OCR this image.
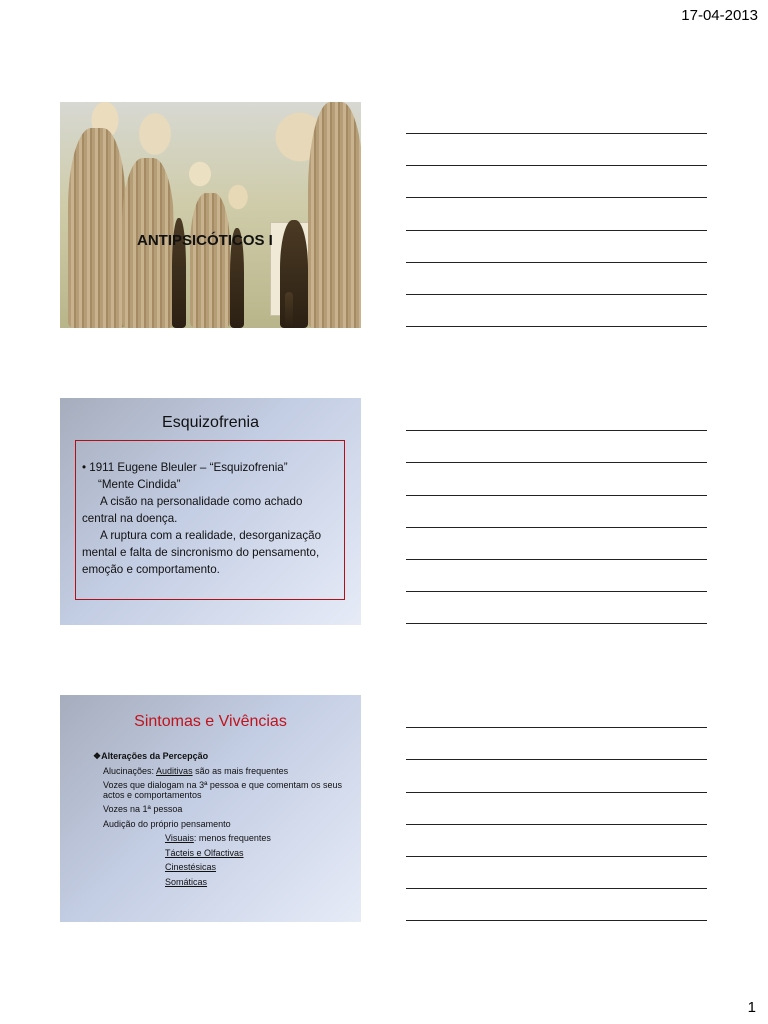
17-04-2013
ANTIPSICÓTICOS I
Esquizofrenia

• 1911 Eugene Bleuler – “Esquizofrenia”

“Mente Cindida”

A cisão na personalidade como achado central na doença.

A ruptura com a realidade, desorganização mental e falta de sincronismo do pensamento, emoção e comportamento.

Sintomas e Vivências
❖Alterações da Percepção
Alucinações: Auditivas são as mais frequentes
Vozes que dialogam na 3ª pessoa e que comentam os seus actos e comportamentos
Vozes na 1ª pessoa
Audição do próprio pensamento
Visuais: menos frequentes
Tácteis e Olfactivas
Cinestésicas
Somáticas
1
